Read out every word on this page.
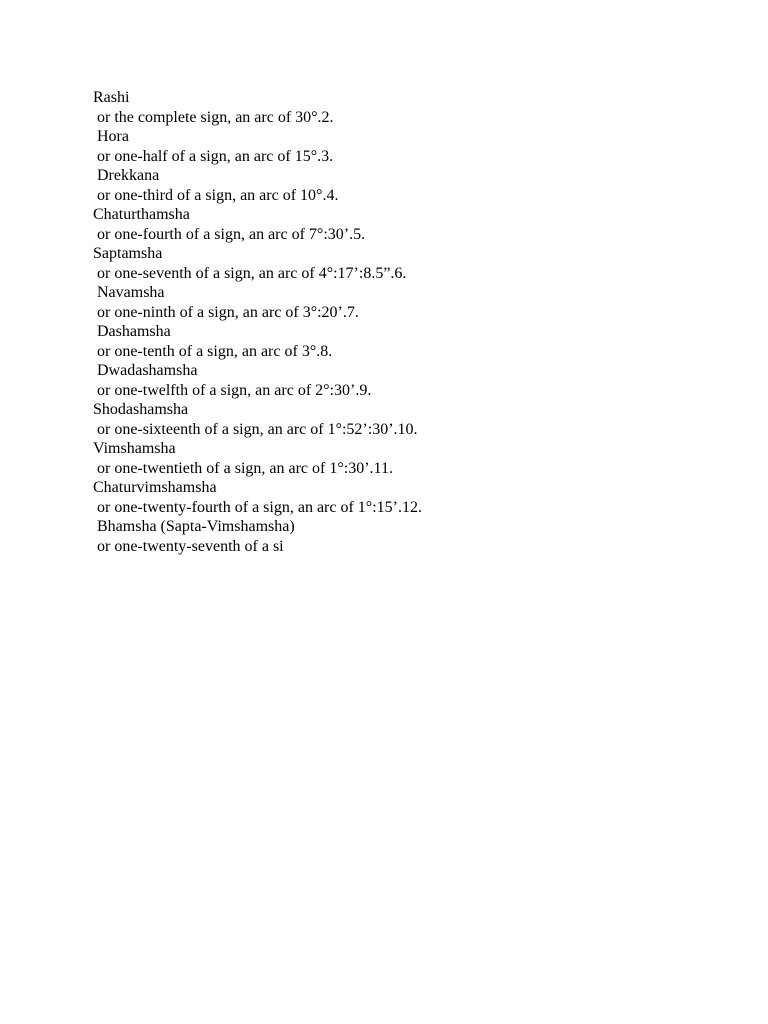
Rashi

or the complete sign, an arc of 30°.2.

Hora

or one-half of a sign, an arc of 15°.3.

Drekkana

or one-third of a sign, an arc of 10°.4.

Chaturthamsha

or one-fourth of a sign, an arc of 7°:30’.5.

Saptamsha

or one-seventh of a sign, an arc of 4°:17’:8.5”.6.

Navamsha

or one-ninth of a sign, an arc of 3°:20’.7.

Dashamsha

or one-tenth of a sign, an arc of 3°.8.

Dwadashamsha

or one-twelfth of a sign, an arc of 2°:30’.9.

Shodashamsha

or one-sixteenth of a sign, an arc of 1°:52’:30’.10.

Vimshamsha

or one-twentieth of a sign, an arc of 1°:30’.11.

Chaturvimshamsha

or one-twenty-fourth of a sign, an arc of 1°:15’.12.

Bhamsha (Sapta-Vimshamsha)

or one-twenty-seventh of a si
